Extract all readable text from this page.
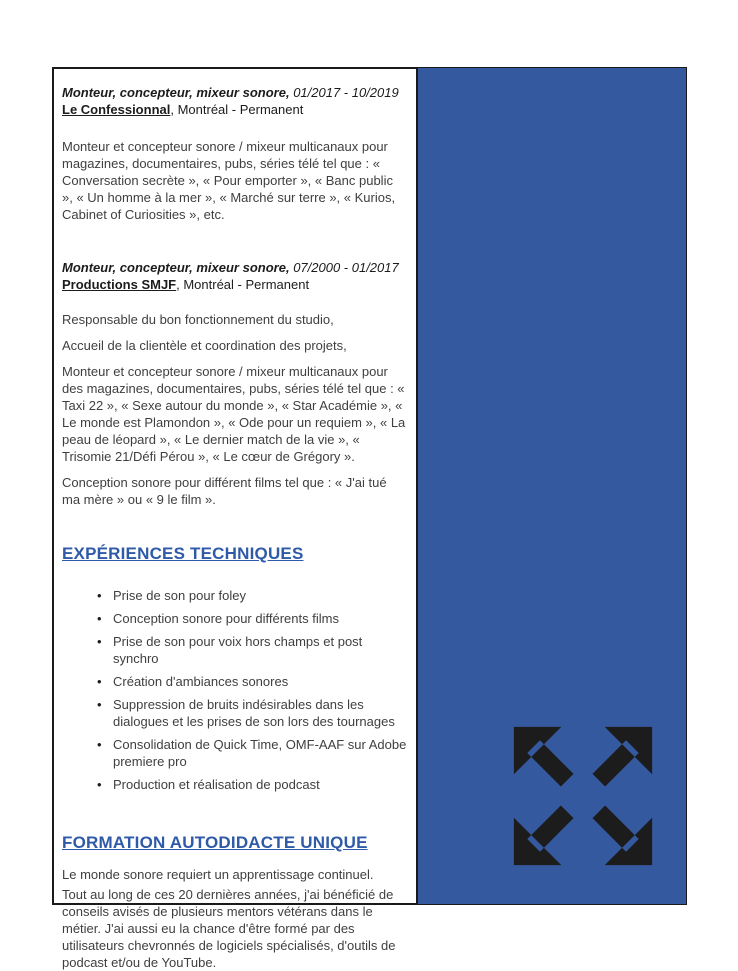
Monteur, concepteur, mixeur sonore, 01/2017 - 10/2019
Le Confessionnal, Montréal - Permanent

Monteur et concepteur sonore / mixeur multicanaux pour magazines, documentaires, pubs, séries télé tel que : « Conversation secrète », « Pour emporter », « Banc public », « Un homme à la mer », « Marché sur terre », « Kurios, Cabinet of Curiosities », etc.

Monteur, concepteur, mixeur sonore, 07/2000 - 01/2017
Productions SMJF, Montréal - Permanent

Responsable du bon fonctionnement du studio,

Accueil de la clientèle et coordination des projets,

Monteur et concepteur sonore / mixeur multicanaux pour des magazines, documentaires, pubs, séries télé tel que : « Taxi 22 », « Sexe autour du monde », « Star Académie », « Le monde est Plamondon », « Ode pour un requiem », « La peau de léopard », « Le dernier match de la vie », « Trisomie 21/Défi Pérou », « Le cœur de Grégory ».

Conception sonore pour différent films tel que : « J'ai tué ma mère » ou « 9 le film ».

EXPÉRIENCES TECHNIQUES
• Prise de son pour foley
• Conception sonore pour différents films
• Prise de son pour voix hors champs et post synchro
• Création d'ambiances sonores
• Suppression de bruits indésirables dans les dialogues et les prises de son lors des tournages
• Consolidation de Quick Time, OMF-AAF sur Adobe premiere pro
• Production et réalisation de podcast
FORMATION AUTODIDACTE UNIQUE

Le monde sonore requiert un apprentissage continuel.

Tout au long de ces 20 dernières années, j'ai bénéficié de conseils avisés de plusieurs mentors vétérans dans le métier. J'ai aussi eu la chance d'être formé par des utilisateurs chevronnés de logiciels spécialisés, d'outils de podcast et/ou de YouTube.
